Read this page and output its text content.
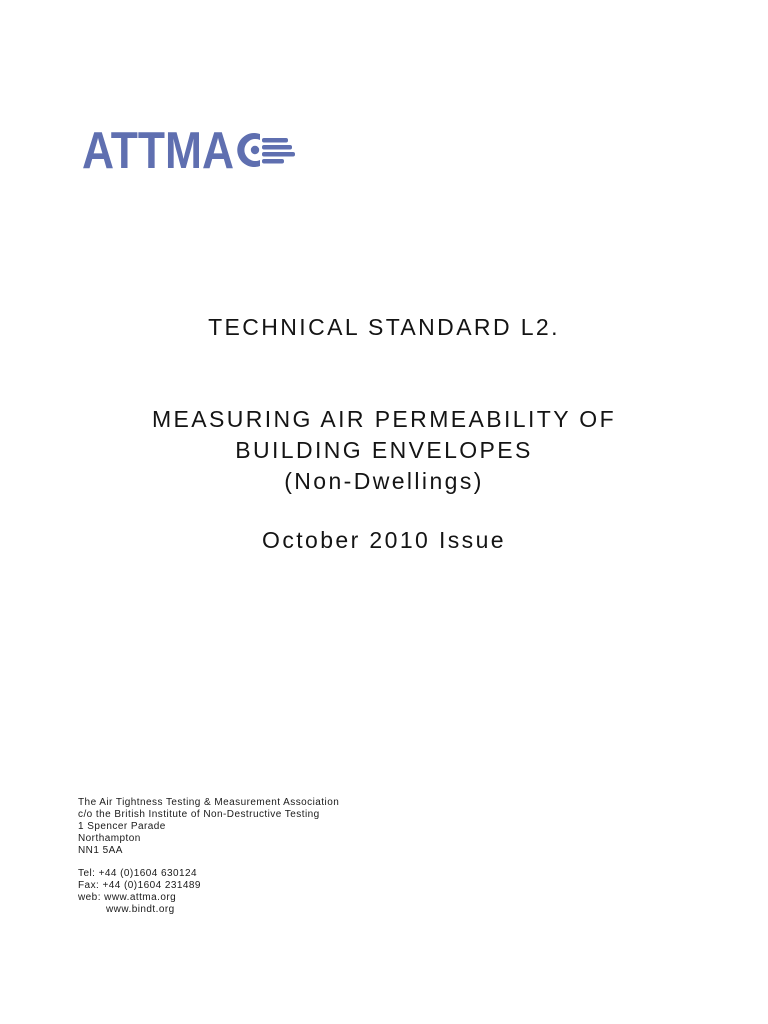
ATTMA
TECHNICAL STANDARD L2.
MEASURING AIR PERMEABILITY OF
BUILDING ENVELOPES
(Non-Dwellings)
October 2010 Issue
The Air Tightness Testing & Measurement Association
c/o the British Institute of Non-Destructive Testing
1 Spencer Parade
Northampton
NN1 5AA
Tel: +44 (0)1604 630124
Fax: +44 (0)1604 231489
web: www.attma.org
www.bindt.org
